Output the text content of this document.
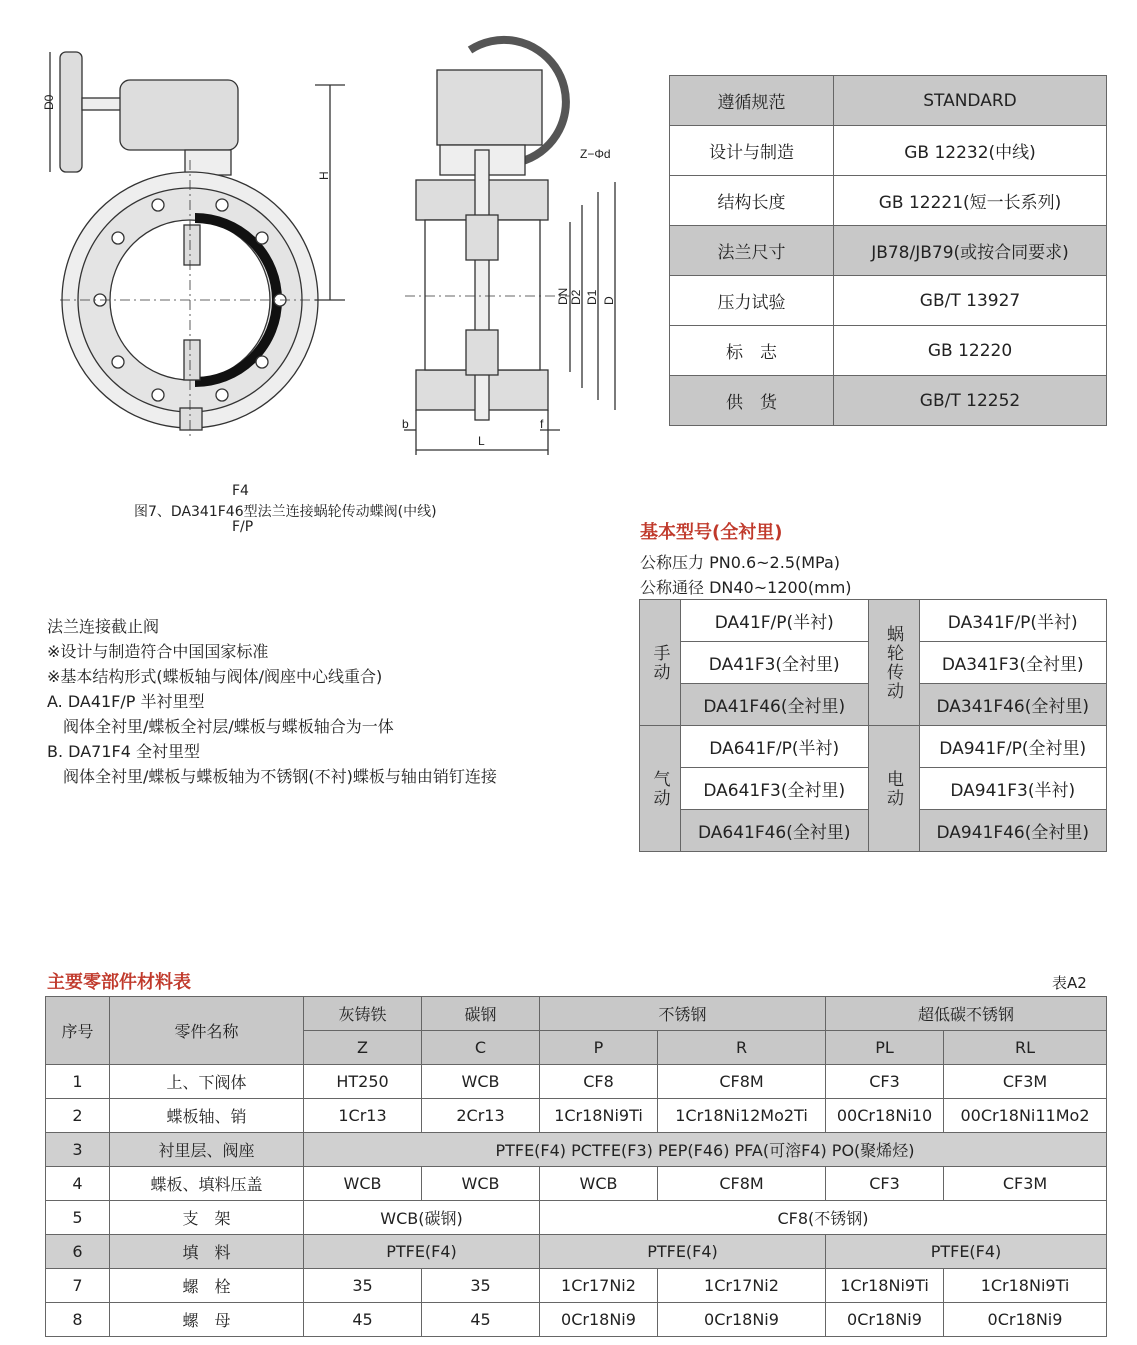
D0
H
Z−Φd
DN D2 D1 D
b
L
f
F4
图7、DA341F46型法兰连接蜗轮传动蝶阀(中线)
F/P
遵循规范	STANDARD
设计与制造	GB 12232(中线)
结构长度	GB 12221(短一长系列)
法兰尺寸	JB78/JB79(或按合同要求)
压力试验	GB/T 13927
标　志	GB 12220
供　货	GB/T 12252
基本型号(全衬里)
公称压力 PN0.6~2.5(MPa)
公称通径 DN40~1200(mm)
手动	DA41F/P(半衬)	蜗轮传动	DA341F/P(半衬)
	DA41F3(全衬里)		DA341F3(全衬里)
	DA41F46(全衬里)		DA341F46(全衬里)
气动	DA641F/P(半衬)	电动	DA941F/P(全衬里)
	DA641F3(全衬里)		DA941F3(半衬)
	DA641F46(全衬里)		DA941F46(全衬里)
法兰连接截止阀
※设计与制造符合中国国家标准
※基本结构形式(蝶板轴与阀体/阀座中心线重合)
A. DA41F/P 半衬里型
　阀体全衬里/蝶板全衬层/蝶板与蝶板轴合为一体
B. DA71F4 全衬里型
　阀体全衬里/蝶板与蝶板轴为不锈钢(不衬)蝶板与轴由销钉连接
主要零部件材料表	表A2
序号	零件名称	灰铸铁	碳钢	不锈钢		超低碳不锈钢	
		Z	C	P	R	PL	RL
1	上、下阀体	HT250	WCB	CF8	CF8M	CF3	CF3M
2	蝶板轴、销	1Cr13	2Cr13	1Cr18Ni9Ti	1Cr18Ni12Mo2Ti	00Cr18Ni10	00Cr18Ni11Mo2
3	衬里层、阀座	PTFE(F4) PCTFE(F3) PEP(F46) PFA(可溶F4) PO(聚烯烃)					
4	蝶板、填料压盖	WCB	WCB	WCB	CF8M	CF3	CF3M
5	支　架	WCB(碳钢)		CF8(不锈钢)			
6	填　料	PTFE(F4)		PTFE(F4)		PTFE(F4)	
7	螺　栓	35	35	1Cr17Ni2	1Cr17Ni2	1Cr18Ni9Ti	1Cr18Ni9Ti
8	螺　母	45	45	0Cr18Ni9	0Cr18Ni9	0Cr18Ni9	0Cr18Ni9
